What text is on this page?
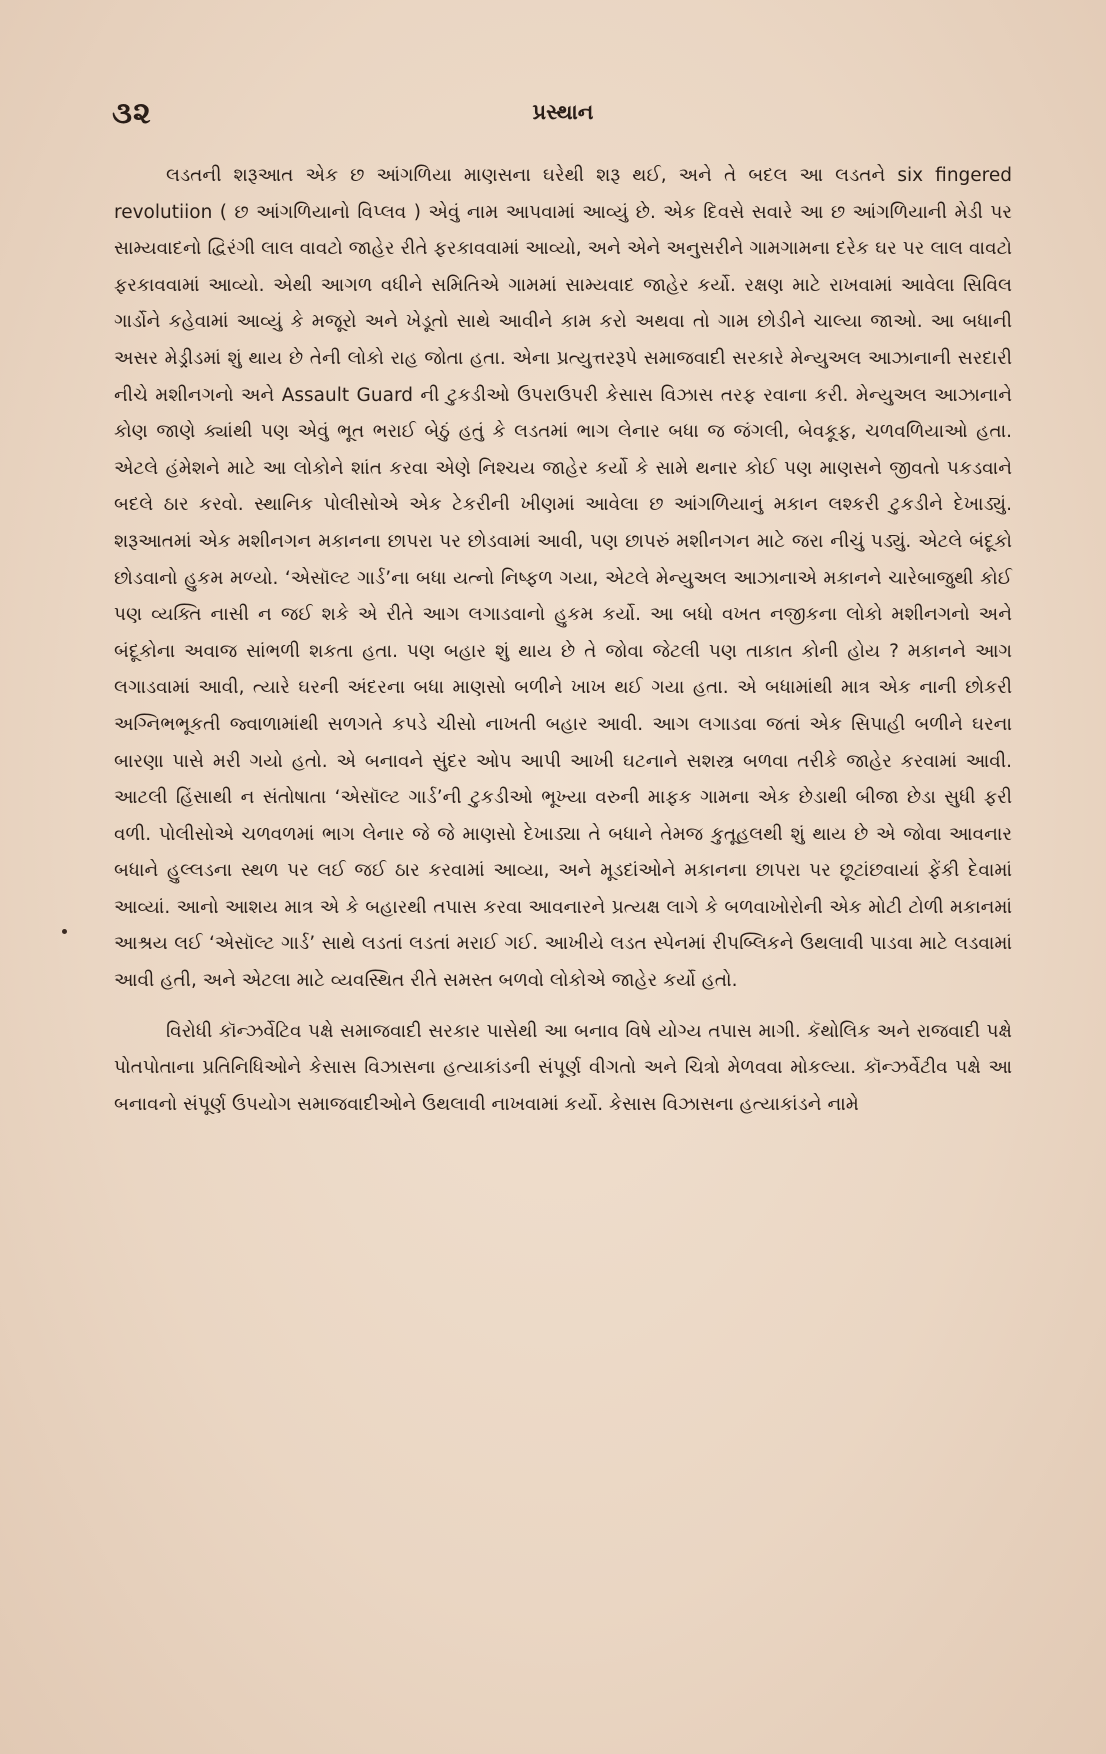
૩૨	પ્રસ્થાન

લડતની શરૂઆત એક છ આંગળિયા માણસના ઘરેથી શરૂ થઈ, અને તે બદલ આ લડતને six fingered revolutiion ( છ આંગળિયાનો વિપ્લવ ) એવું નામ આપવામાં આવ્યું છે. એક દિવસે સવારે આ છ આંગળિયાની મેડી પર સામ્યવાદનો દ્વિરંગી લાલ વાવટો જાહેર રીતે ફરકાવવામાં આવ્યો, અને એને અનુસરીને ગામગામના દરેક ઘર પર લાલ વાવટો ફરકાવવામાં આવ્યો. એથી આગળ વધીને સમિતિએ ગામમાં સામ્યવાદ જાહેર કર્યો. રક્ષણ માટે રાખવામાં આવેલા સિવિલ ગાર્ડોને કહેવામાં આવ્યું કે મજૂરો અને ખેડૂતો સાથે આવીને કામ કરો અથવા તો ગામ છોડીને ચાલ્યા જાઓ. આ બધાની અસર મેડ્રીડમાં શું થાય છે તેની લોકો રાહ જોતા હતા. એના પ્રત્યુત્તરરૂપે સમાજવાદી સરકારે મેન્યુઅલ આઝાનાની સરદારી નીચે મશીનગનો અને Assault Guard ની ટુકડીઓ ઉપરાઉપરી કેસાસ વિઝાસ તરફ રવાના કરી. મેન્યુઅલ આઝાનાને કોણ જાણે ક્યાંથી પણ એવું ભૂત ભરાઈ બેઠું હતું કે લડતમાં ભાગ લેનાર બધા જ જંગલી, બેવકૂફ, ચળવળિયાઓ હતા. એટલે હંમેશને માટે આ લોકોને શાંત કરવા એણે નિશ્ચય જાહેર કર્યો કે સામે થનાર કોઈ પણ માણસને જીવતો પકડવાને બદલે ઠાર કરવો. સ્થાનિક પોલીસોએ એક ટેકરીની ખીણમાં આવેલા છ આંગળિયાનું મકાન લશ્કરી ટુકડીને દેખાડ્યું. શરૂઆતમાં એક મશીનગન મકાનના છાપરા પર છોડવામાં આવી, પણ છાપરું મશીનગન માટે જરા નીચું પડ્યું. એટલે બંદૂકો છોડવાનો હુકમ મળ્યો. ‘એસૉલ્ટ ગાર્ડ’ના બધા યત્નો નિષ્ફળ ગયા, એટલે મેન્યુઅલ આઝાનાએ મકાનને ચારેબાજુથી કોઈ પણ વ્યક્તિ નાસી ન જઈ શકે એ રીતે આગ લગાડવાનો હુકમ કર્યો. આ બધો વખત નજીકના લોકો મશીનગનો અને બંદૂકોના અવાજ સાંભળી શકતા હતા. પણ બહાર શું થાય છે તે જોવા જેટલી પણ તાકાત કોની હોય ? મકાનને આગ લગાડવામાં આવી, ત્યારે ઘરની અંદરના બધા માણસો બળીને ખાખ થઈ ગયા હતા. એ બધામાંથી માત્ર એક નાની છોકરી અગ્નિભભૂકતી જ્વાળામાંથી સળગતે કપડે ચીસો નાખતી બહાર આવી. આગ લગાડવા જતાં એક સિપાહી બળીને ઘરના બારણા પાસે મરી ગયો હતો. એ બનાવને સુંદર ઓપ આપી આખી ઘટનાને સશસ્ત્ર બળવા તરીકે જાહેર કરવામાં આવી. આટલી હિંસાથી ન સંતોષાતા ‘એસૉલ્ટ ગાર્ડ’ની ટુકડીઓ ભૂખ્યા વરુની માફક ગામના એક છેડાથી બીજા છેડા સુધી ફરી વળી. પોલીસોએ ચળવળમાં ભાગ લેનાર જે જે માણસો દેખાડ્યા તે બધાને તેમજ કુતૂહલથી શું થાય છે એ જોવા આવનાર બધાને હુલ્લડના સ્થળ પર લઈ જઈ ઠાર કરવામાં આવ્યા, અને મૂડદાંઓને મકાનના છાપરા પર છૂટાંછવાયાં ફેંકી દેવામાં આવ્યાં. આનો આશય માત્ર એ કે બહારથી તપાસ કરવા આવનારને પ્રત્યક્ષ લાગે કે બળવાખોરોની એક મોટી ટોળી મકાનમાં આશ્રય લઈ ‘એસૉલ્ટ ગાર્ડ’ સાથે લડતાં લડતાં મરાઈ ગઈ. આખીયે લડત સ્પેનમાં રીપબ્લિકને ઉથલાવી પાડવા માટે લડવામાં આવી હતી, અને એટલા માટે વ્યવસ્થિત રીતે સમસ્ત બળવો લોકોએ જાહેર કર્યો હતો.

વિરોધી કૉન્ઝર્વેટિવ પક્ષે સમાજવાદી સરકાર પાસેથી આ બનાવ વિષે યોગ્ય તપાસ માગી. કૅથોલિક અને રાજવાદી પક્ષે પોતપોતાના પ્રતિનિધિઓને કેસાસ વિઝાસના હત્યાકાંડની સંપૂર્ણ વીગતો અને ચિત્રો મેળવવા મોકલ્યા. કૉન્ઝર્વેટીવ પક્ષે આ બનાવનો સંપૂર્ણ ઉપયોગ સમાજવાદીઓને ઉથલાવી નાખવામાં કર્યો. કેસાસ વિઝાસના હત્યાકાંડને નામે
